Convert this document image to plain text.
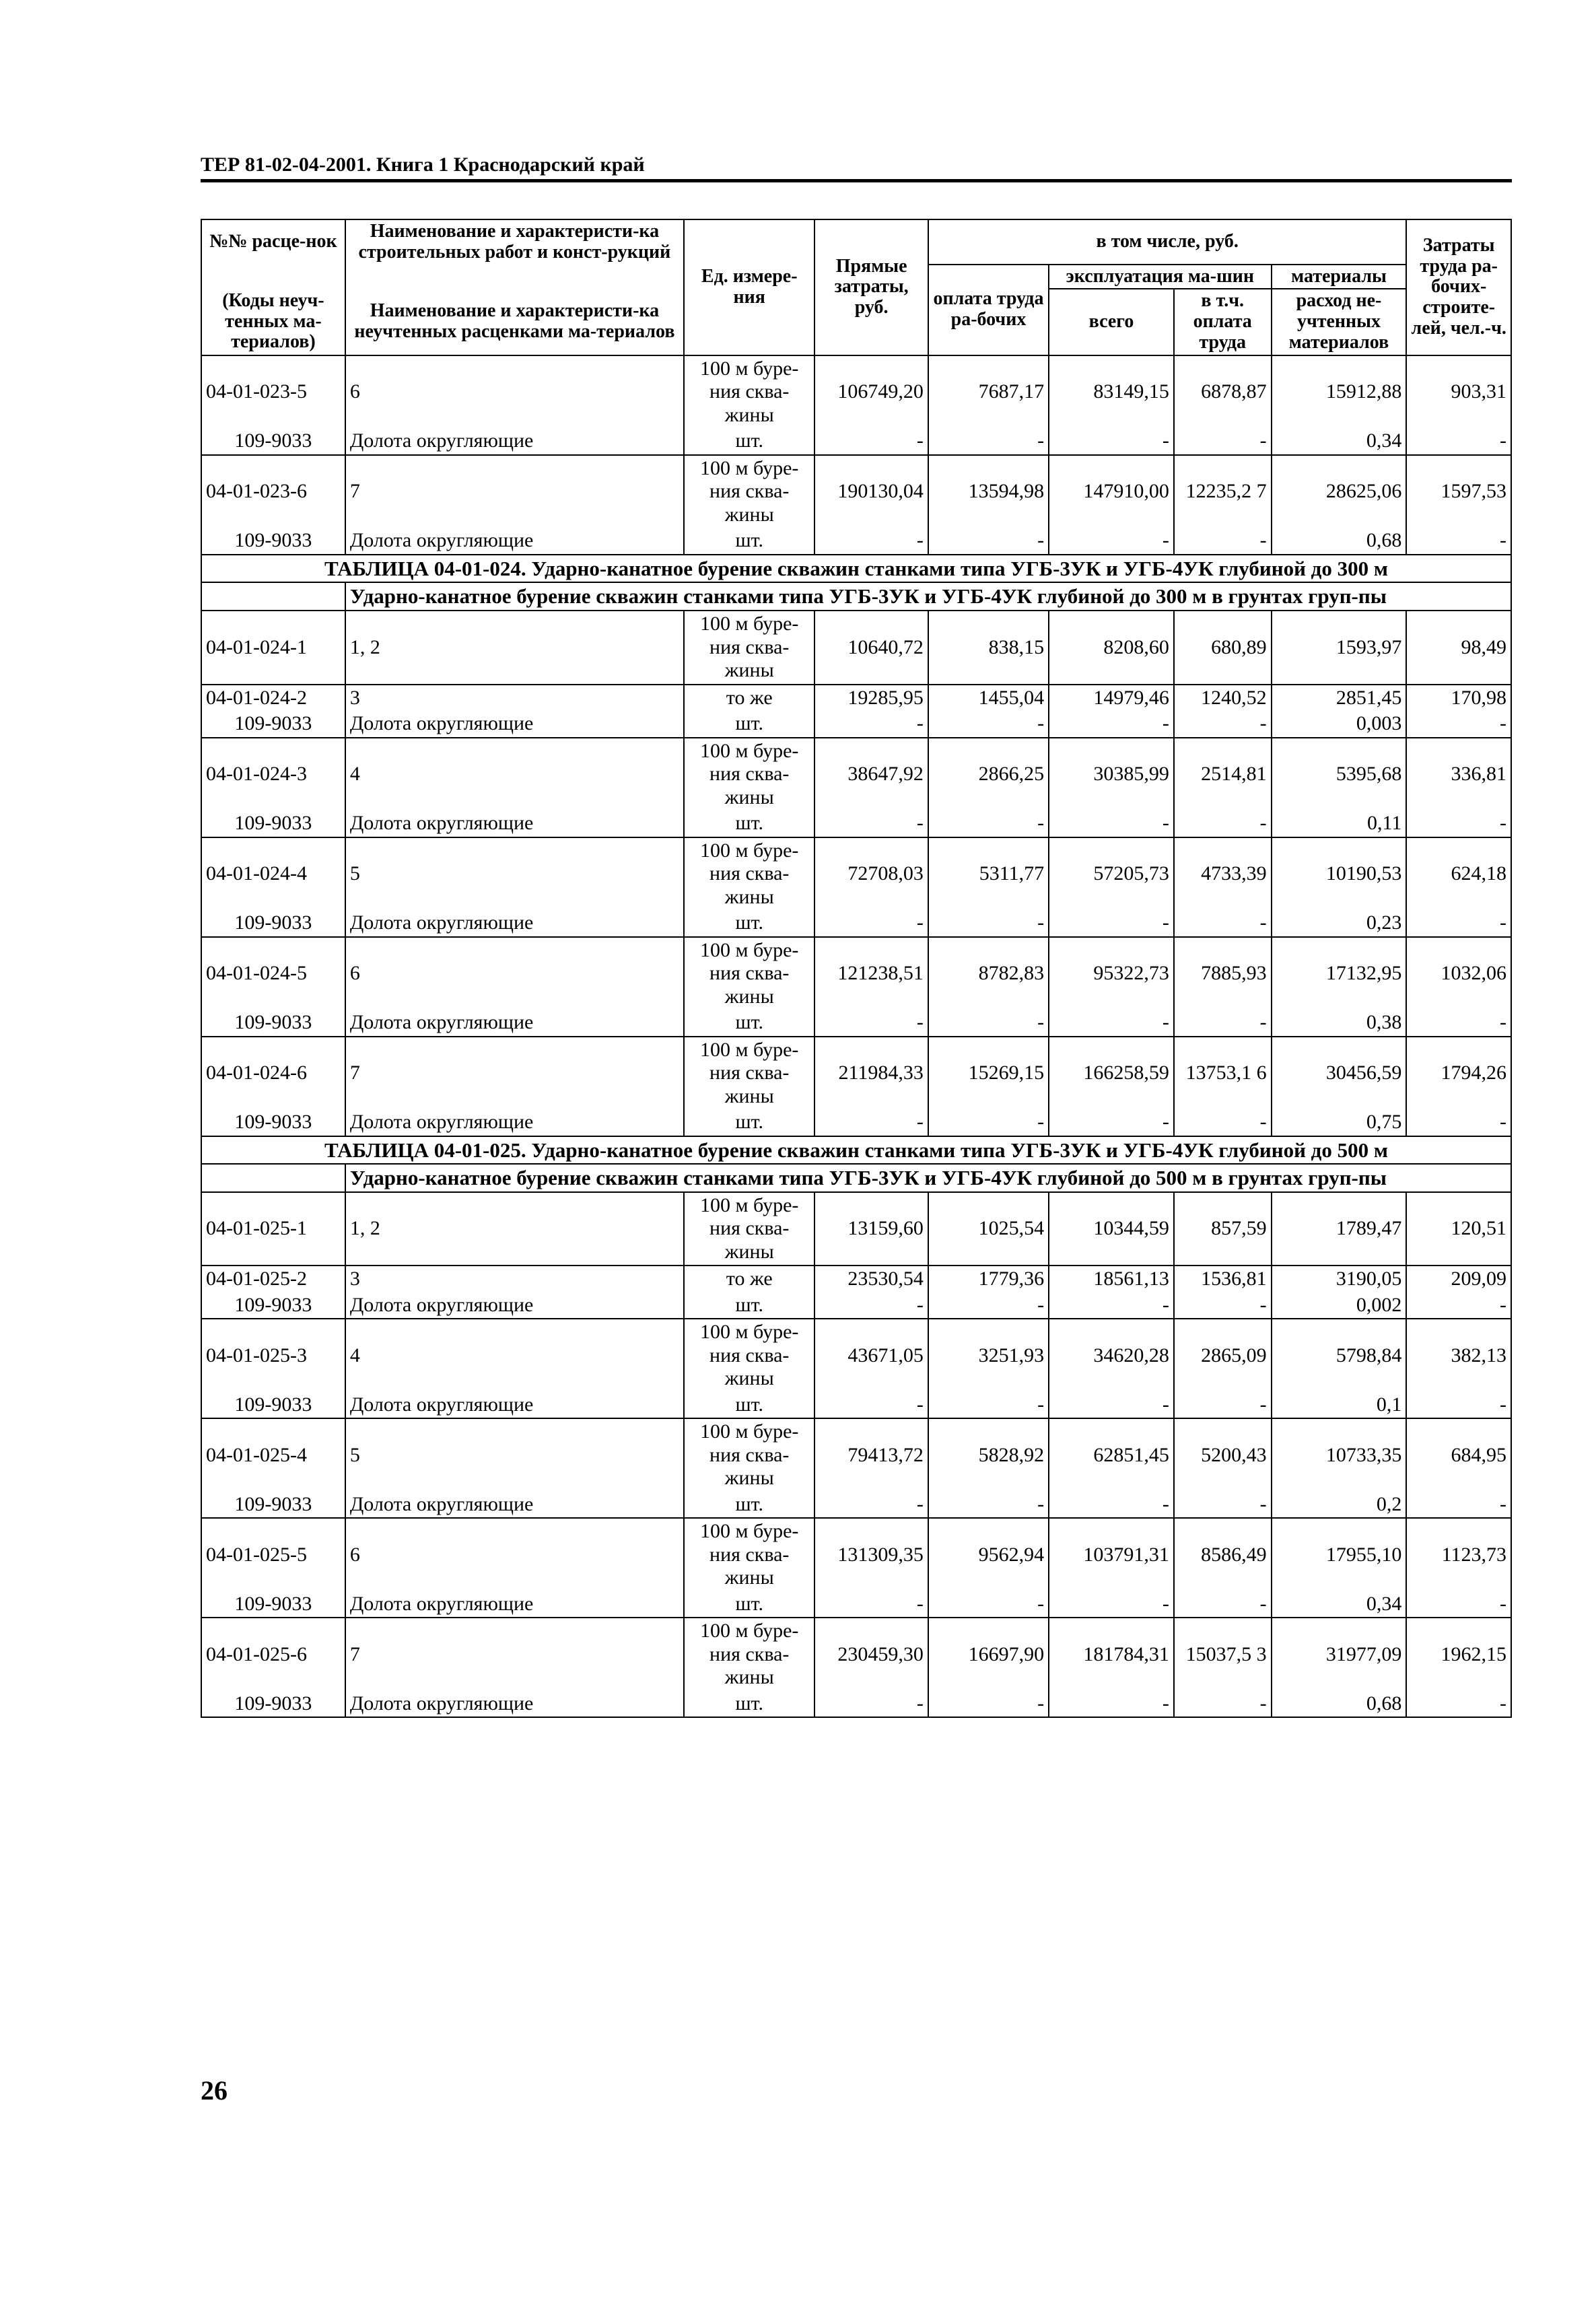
ТЕР 81-02-04-2001. Книга 1 Краснодарский край
№№ расце-нок	Наименование и характеристи-ка строительных работ и конст-рукций	Ед. измере-ния	Прямые затраты, руб.	в том числе, руб.				Затраты труда ра-бочих-строите-лей, чел.-ч.
				оплата труда ра-бочих	эксплуатация ма-шин		материалы	
(Коды неуч-тенных ма-териалов)	Наименование и характеристи-ка неучтенных расценками ма-териалов				всего	в т.ч. оплата труда	расход не-учтенных материалов	

04-01-023-5	6	100 м буре-ния сква-жины	106749,20	7687,17	83149,15	6878,87	15912,88	903,31
109-9033	Долота округляющие	шт.	-	-	-	-	0,34	-
04-01-023-6	7	100 м буре-ния сква-жины	190130,04	13594,98	147910,00	12235,2 7	28625,06	1597,53
109-9033	Долота округляющие	шт.	-	-	-	-	0,68	-
ТАБЛИЦА 04-01-024. Ударно-канатное бурение скважин станками типа УГБ-3УК и УГБ-4УК глубиной до 300 м								
	Ударно-канатное бурение скважин станками типа УГБ-3УК и УГБ-4УК глубиной до 300 м в грунтах груп-пы							
04-01-024-1	1, 2	100 м буре-ния сква-жины	10640,72	838,15	8208,60	680,89	1593,97	98,49
04-01-024-2	3	то же	19285,95	1455,04	14979,46	1240,52	2851,45	170,98
109-9033	Долота округляющие	шт.	-	-	-	-	0,003	-
04-01-024-3	4	100 м буре-ния сква-жины	38647,92	2866,25	30385,99	2514,81	5395,68	336,81
109-9033	Долота округляющие	шт.	-	-	-	-	0,11	-
04-01-024-4	5	100 м буре-ния сква-жины	72708,03	5311,77	57205,73	4733,39	10190,53	624,18
109-9033	Долота округляющие	шт.	-	-	-	-	0,23	-
04-01-024-5	6	100 м буре-ния сква-жины	121238,51	8782,83	95322,73	7885,93	17132,95	1032,06
109-9033	Долота округляющие	шт.	-	-	-	-	0,38	-
04-01-024-6	7	100 м буре-ния сква-жины	211984,33	15269,15	166258,59	13753,1 6	30456,59	1794,26
109-9033	Долота округляющие	шт.	-	-	-	-	0,75	-
ТАБЛИЦА 04-01-025. Ударно-канатное бурение скважин станками типа УГБ-3УК и УГБ-4УК глубиной до 500 м								
	Ударно-канатное бурение скважин станками типа УГБ-3УК и УГБ-4УК глубиной до 500 м в грунтах груп-пы							
04-01-025-1	1, 2	100 м буре-ния сква-жины	13159,60	1025,54	10344,59	857,59	1789,47	120,51
04-01-025-2	3	то же	23530,54	1779,36	18561,13	1536,81	3190,05	209,09
109-9033	Долота округляющие	шт.	-	-	-	-	0,002	-
04-01-025-3	4	100 м буре-ния сква-жины	43671,05	3251,93	34620,28	2865,09	5798,84	382,13
109-9033	Долота округляющие	шт.	-	-	-	-	0,1	-
04-01-025-4	5	100 м буре-ния сква-жины	79413,72	5828,92	62851,45	5200,43	10733,35	684,95
109-9033	Долота округляющие	шт.	-	-	-	-	0,2	-
04-01-025-5	6	100 м буре-ния сква-жины	131309,35	9562,94	103791,31	8586,49	17955,10	1123,73
109-9033	Долота округляющие	шт.	-	-	-	-	0,34	-
04-01-025-6	7	100 м буре-ния сква-жины	230459,30	16697,90	181784,31	15037,5 3	31977,09	1962,15
109-9033	Долота округляющие	шт.	-	-	-	-	0,68	-
26
